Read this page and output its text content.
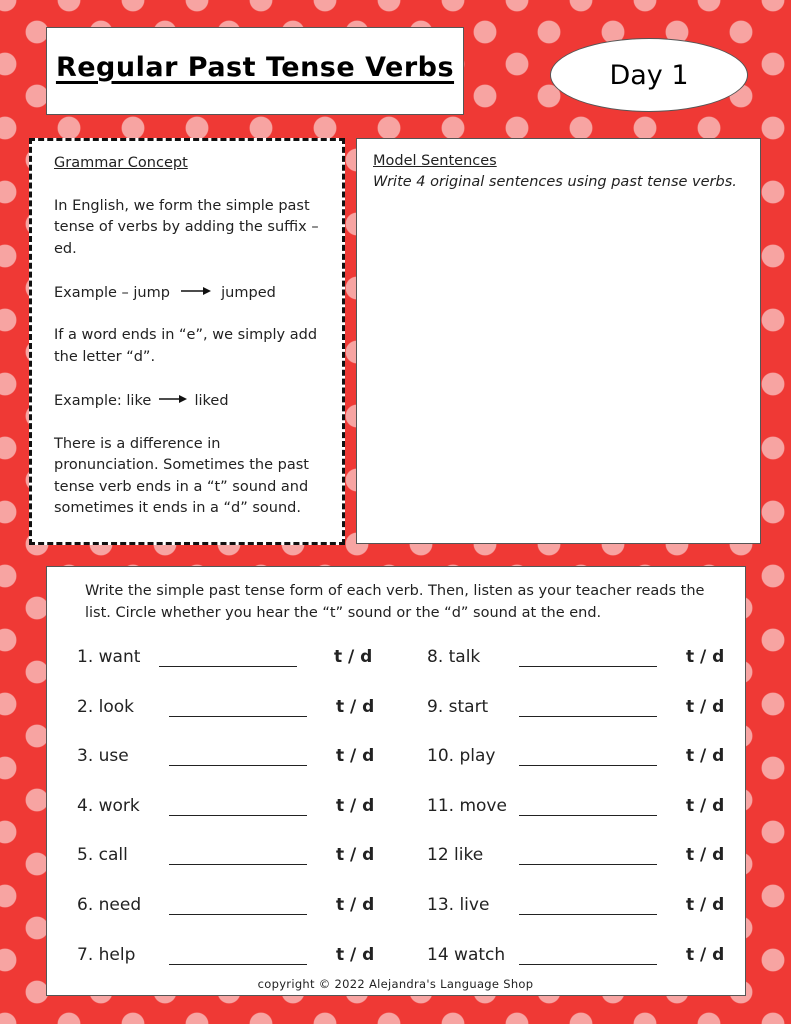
Regular Past Tense Verbs	Day 1
Grammar Concept

In English, we form the simple past tense of verbs by adding the suffix –ed.

Example – jump	jumped

If a word ends in “e”, we simply add the letter “d”.

Example: like	liked

There is a difference in pronunciation. Sometimes the past tense verb ends in a “t” sound and sometimes it ends in a “d” sound.

Model Sentences
Write 4 original sentences using past tense verbs.
Write the simple past tense form of each verb. Then, listen as your teacher reads the list. Circle whether you hear the “t” sound or the “d” sound at the end.
1. want	t / d
2. look	t / d
3. use	t / d
4. work	t / d
5. call	t / d
6. need	t / d
7. help	t / d
8. talk	t / d
9. start	t / d
10. play	t / d
11. move	t / d
12 like	t / d
13. live	t / d
14 watch	t / d
copyright © 2022 Alejandra's Language Shop
